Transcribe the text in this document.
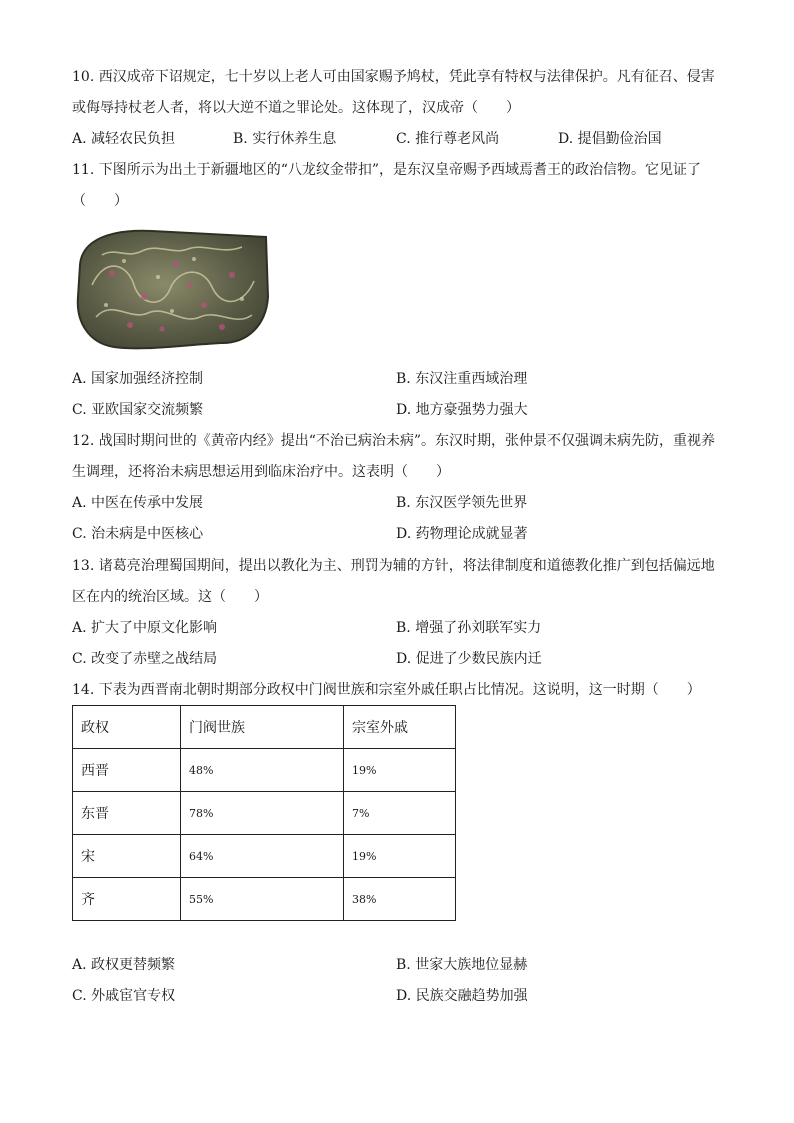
10. 西汉成帝下诏规定，七十岁以上老人可由国家赐予鸠杖，凭此享有特权与法律保护。凡有征召、侵害
或侮辱持杖老人者，将以大逆不道之罪论处。这体现了，汉成帝（　　）
A. 减轻农民负担	B. 实行休养生息	C. 推行尊老风尚	D. 提倡勤俭治国
11. 下图所示为出土于新疆地区的“八龙纹金带扣”，是东汉皇帝赐予西域焉耆王的政治信物。它见证了
（　　）
A. 国家加强经济控制	B. 东汉注重西域治理
C. 亚欧国家交流频繁	D. 地方豪强势力强大
12. 战国时期问世的《黄帝内经》提出“不治已病治未病”。东汉时期，张仲景不仅强调未病先防，重视养
生调理，还将治未病思想运用到临床治疗中。这表明（　　）
A. 中医在传承中发展	B. 东汉医学领先世界
C. 治未病是中医核心	D. 药物理论成就显著
13. 诸葛亮治理蜀国期间，提出以教化为主、刑罚为辅的方针，将法律制度和道德教化推广到包括偏远地
区在内的统治区域。这（　　）
A. 扩大了中原文化影响	B. 增强了孙刘联军实力
C. 改变了赤壁之战结局	D. 促进了少数民族内迁
14. 下表为西晋南北朝时期部分政权中门阀世族和宗室外戚任职占比情况。这说明，这一时期（　　）
政权	门阀世族	宗室外戚
西晋	48%	19%
东晋	78%	7%
宋	64%	19%
齐	55%	38%
A. 政权更替频繁	B. 世家大族地位显赫
C. 外戚宦官专权	D. 民族交融趋势加强
